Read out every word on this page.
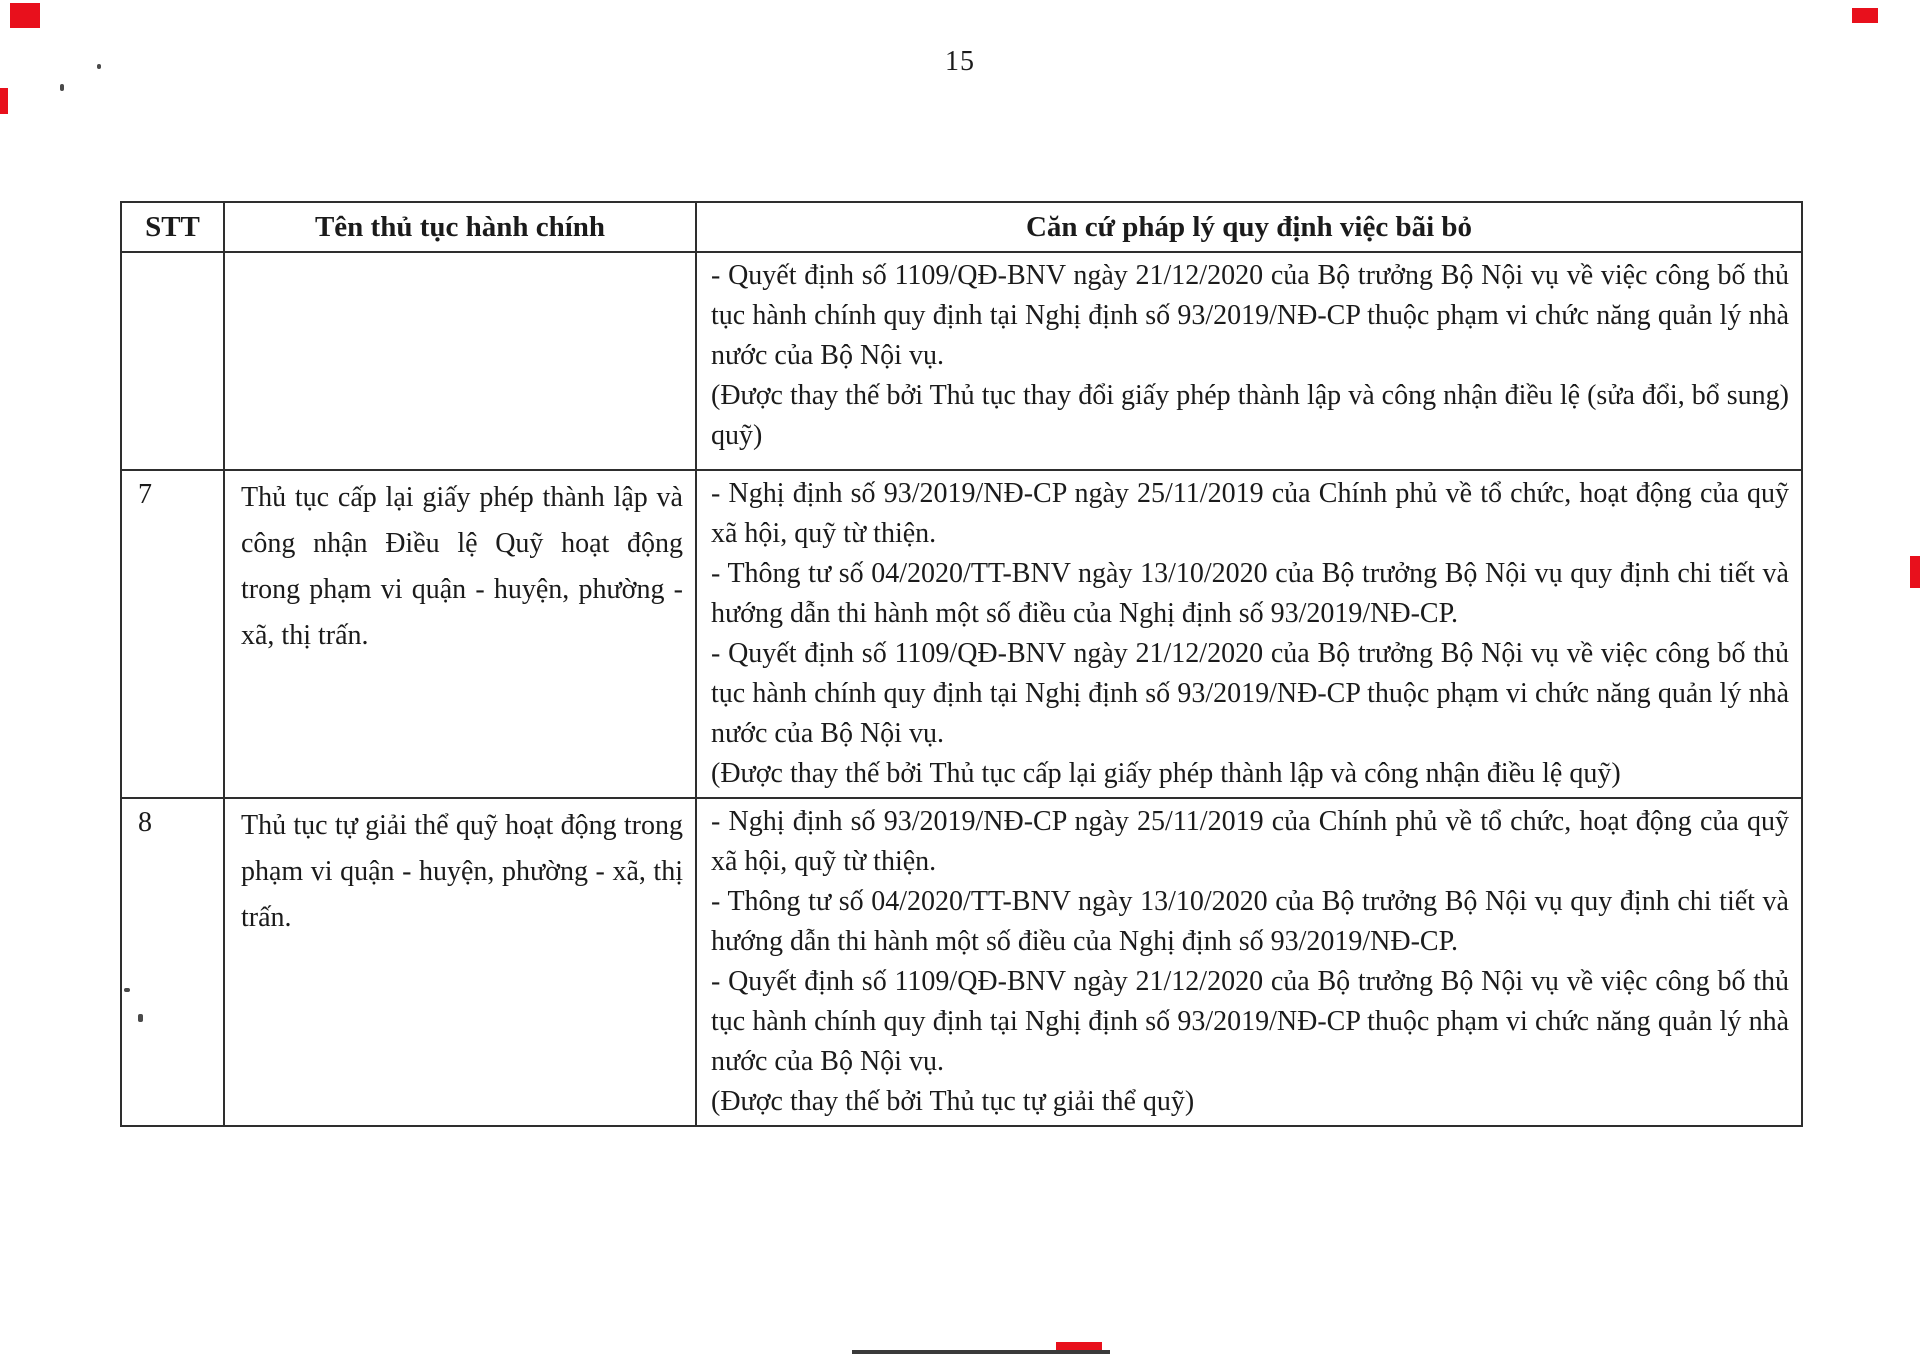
15
STT	Tên thủ tục hành chính	Căn cứ pháp lý quy định việc bãi bỏ

		- Quyết định số 1109/QĐ-BNV ngày 21/12/2020 của Bộ trưởng Bộ Nội vụ về việc công bố thủ tục hành chính quy định tại Nghị định số 93/2019/NĐ-CP thuộc phạm vi chức năng quản lý nhà nước của Bộ Nội vụ.

(Được thay thế bởi Thủ tục thay đổi giấy phép thành lập và công nhận điều lệ (sửa đổi, bổ sung) quỹ)

7	Thủ tục cấp lại giấy phép thành lập và công nhận Điều lệ Quỹ hoạt động trong phạm vi quận - huyện, phường - xã, thị trấn.	- Nghị định số 93/2019/NĐ-CP ngày 25/11/2019 của Chính phủ về tổ chức, hoạt động của quỹ xã hội, quỹ từ thiện.

- Thông tư số 04/2020/TT-BNV ngày 13/10/2020 của Bộ trưởng Bộ Nội vụ quy định chi tiết và hướng dẫn thi hành một số điều của Nghị định số 93/2019/NĐ-CP.

- Quyết định số 1109/QĐ-BNV ngày 21/12/2020 của Bộ trưởng Bộ Nội vụ về việc công bố thủ tục hành chính quy định tại Nghị định số 93/2019/NĐ-CP thuộc phạm vi chức năng quản lý nhà nước của Bộ Nội vụ.

(Được thay thế bởi Thủ tục cấp lại giấy phép thành lập và công nhận điều lệ quỹ)

8	Thủ tục tự giải thể quỹ hoạt động trong phạm vi quận - huyện, phường - xã, thị trấn.	- Nghị định số 93/2019/NĐ-CP ngày 25/11/2019 của Chính phủ về tổ chức, hoạt động của quỹ xã hội, quỹ từ thiện.

- Thông tư số 04/2020/TT-BNV ngày 13/10/2020 của Bộ trưởng Bộ Nội vụ quy định chi tiết và hướng dẫn thi hành một số điều của Nghị định số 93/2019/NĐ-CP.

- Quyết định số 1109/QĐ-BNV ngày 21/12/2020 của Bộ trưởng Bộ Nội vụ về việc công bố thủ tục hành chính quy định tại Nghị định số 93/2019/NĐ-CP thuộc phạm vi chức năng quản lý nhà nước của Bộ Nội vụ.

(Được thay thế bởi Thủ tục tự giải thể quỹ)
